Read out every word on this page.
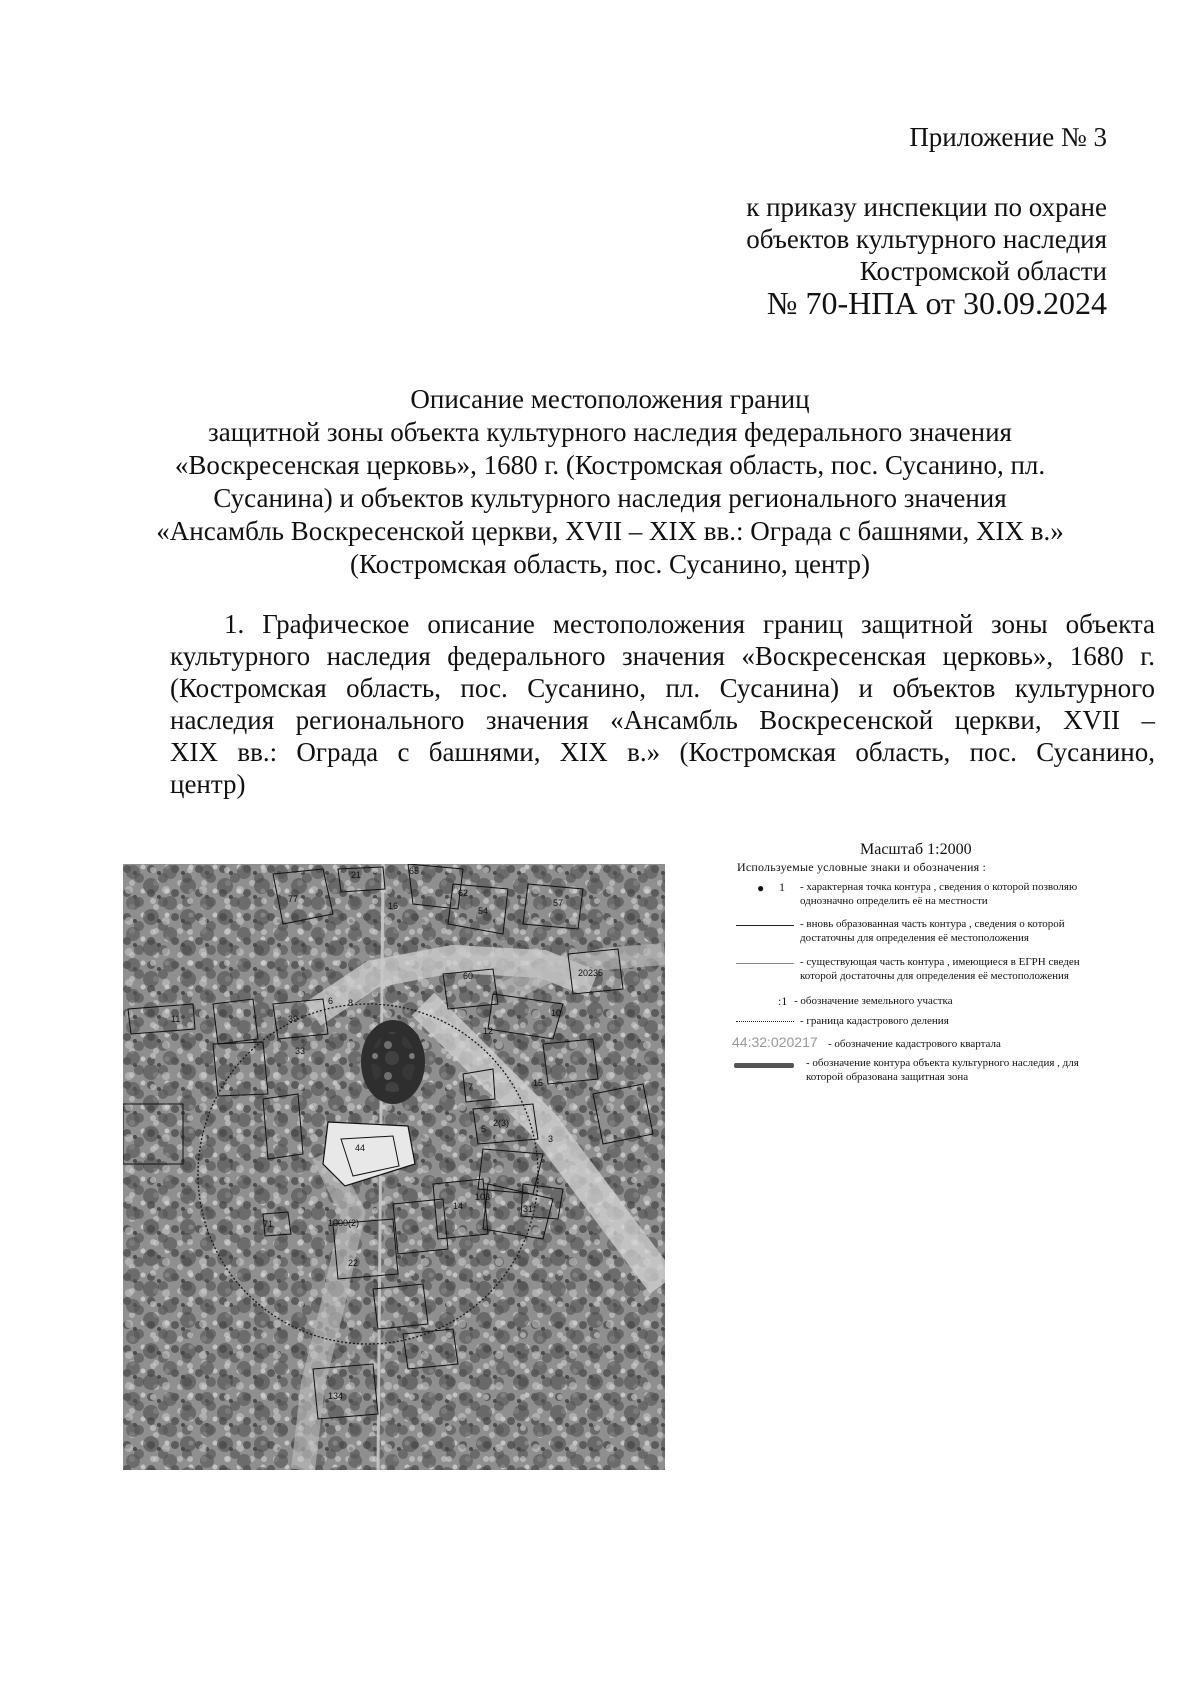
Приложение № 3
к приказу инспекции по охране
объектов культурного наследия
Костромской области
№ 70-НПА от 30.09.2024
Описание местоположения границ
защитной зоны объекта культурного наследия федерального значения
«Воскресенская церковь», 1680 г. (Костромская область, пос. Сусанино, пл.
Сусанина) и объектов культурного наследия регионального значения
«Ансамбль Воскресенской церкви, XVII – XIX вв.: Ограда с башнями, XIX в.»
(Костромская область, пос. Сусанино, центр)
1. Графическое описание местоположения границ защитной зоны объекта
культурного наследия федерального значения «Воскресенская церковь», 1680 г.
(Костромская область, пос. Сусанино, пл. Сусанина) и объектов культурного
наследия регионального значения «Ансамбль Воскресенской церкви, XVII –
XIX вв.: Ограда с башнями, XIX в.» (Костромская область, пос. Сусанино,
центр)
77
21	65
16
62
54
57
11
20235
60
10
12
39
15
7
33
44
2(3)
71
5
3
14
103
31
1000(2)
22
134
6 8
Масштаб 1:2000
Используемые условные знаки и обозначения :
● 1 - характерная точка контура , сведения о которой позволяю
однозначно определить её на местности
- вновь образованная часть контура , сведения о которой
достаточны для определения её местоположения
- существующая часть контура , имеющиеся в ЕГРН сведен
которой достаточны для определения её местоположения
:1 - обозначение земельного участка
- граница кадастрового деления
44:32:020217 - обозначение кадастрового квартала
- обозначение контура объекта культурного наследия , для
которой образована защитная зона
